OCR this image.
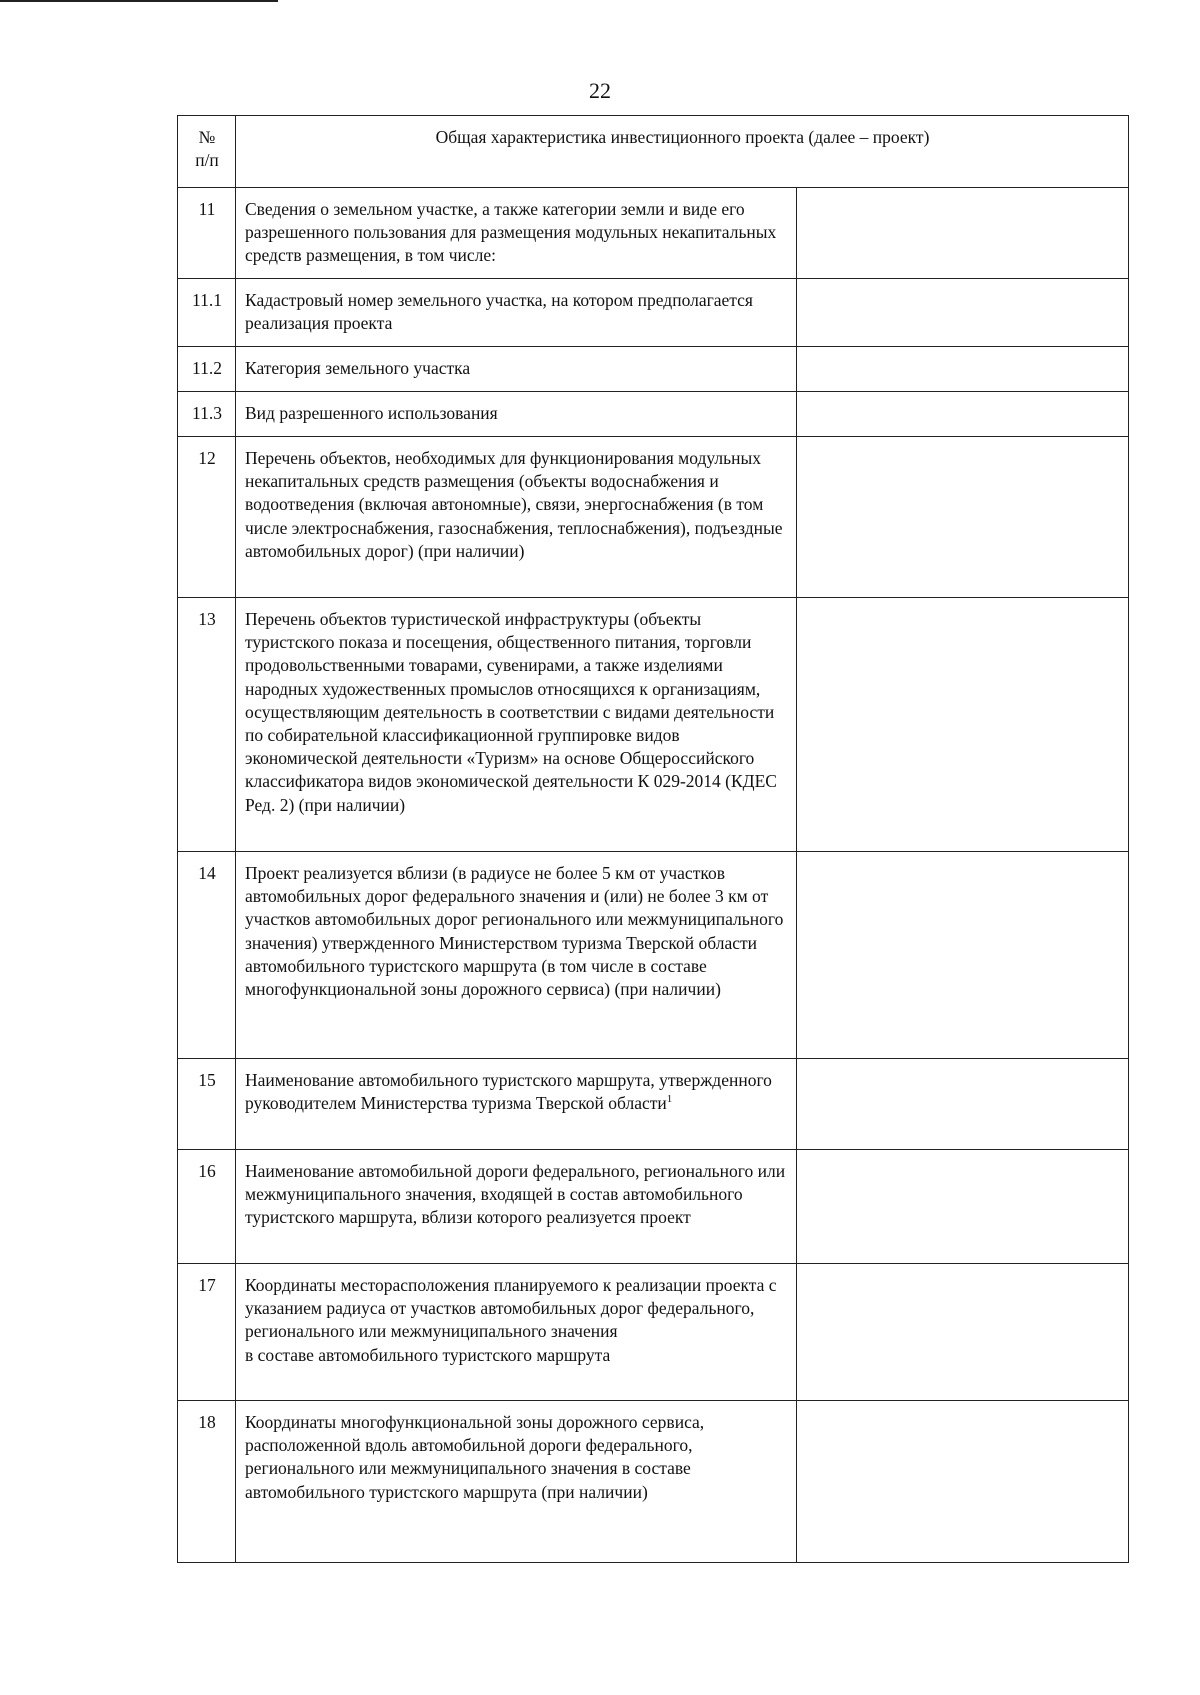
22
№
п/п	Общая характеристика инвестиционного проекта (далее – проект)	
11	Сведения о земельном участке, а также категории земли и виде его разрешенного пользования для размещения модульных некапитальных средств размещения, в том числе:	
11.1	Кадастровый номер земельного участка, на котором предполагается реализация проекта	
11.2	Категория земельного участка	
11.3	Вид разрешенного использования	
12	Перечень объектов, необходимых для функционирования модульных некапитальных средств размещения (объекты водоснабжения и водоотведения (включая автономные), связи, энергоснабжения (в том числе электроснабжения, газоснабжения, теплоснабжения), подъездные автомобильных дорог) (при наличии)	
13	Перечень объектов туристической инфраструктуры (объекты туристского показа и посещения, общественного питания, торговли продовольственными товарами, сувенирами, а также изделиями народных художественных промыслов относящихся к организациям, осуществляющим деятельность в соответствии с видами деятельности по собирательной классификационной группировке видов экономической деятельности «Туризм» на основе Общероссийского классификатора видов экономической деятельности К 029-2014 (КДЕС Ред. 2) (при наличии)	
14	Проект реализуется вблизи (в радиусе не более 5 км от участков автомобильных дорог федерального значения и (или) не более 3 км от участков автомобильных дорог регионального или межмуниципального значения) утвержденного Министерством туризма Тверской области автомобильного туристского маршрута (в том числе в составе многофункциональной зоны дорожного сервиса) (при наличии)	
15	Наименование автомобильного туристского маршрута, утвержденного руководителем Министерства туризма Тверской области$^1$	
16	Наименование автомобильной дороги федерального, регионального или межмуниципального значения, входящей в состав автомобильного туристского маршрута, вблизи которого реализуется проект	
17	Координаты месторасположения планируемого к реализации проекта с указанием радиуса от участков автомобильных дорог федерального, регионального или межмуниципального значения
в составе автомобильного туристского маршрута	

18	Координаты многофункциональной зоны дорожного сервиса, расположенной вдоль автомобильной дороги федерального, регионального или межмуниципального значения в составе автомобильного туристского маршрута (при наличии)	
